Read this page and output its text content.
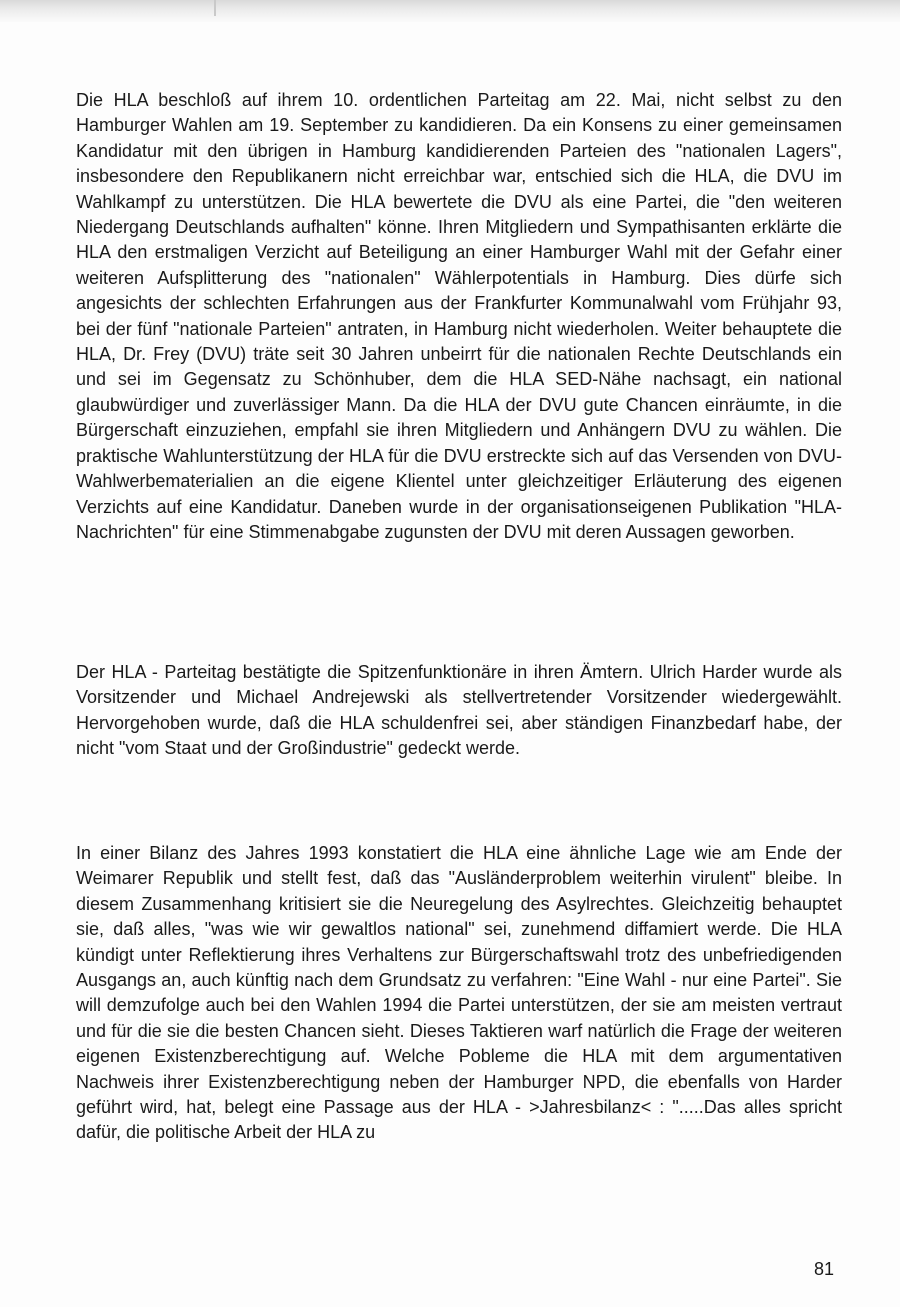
Die HLA beschloß auf ihrem 10. ordentlichen Parteitag am 22. Mai, nicht selbst zu den Hamburger Wahlen am 19. September zu kandidieren. Da ein Konsens zu einer gemeinsamen Kandidatur mit den übrigen in Hamburg kandidierenden Parteien des "nationalen Lagers", insbesondere den Republikanern nicht erreichbar war, entschied sich die HLA, die DVU im Wahlkampf zu unterstützen. Die HLA bewertete die DVU als eine Partei, die "den weiteren Niedergang Deutschlands aufhalten" könne. Ihren Mitgliedern und Sympathisanten erklärte die HLA den erstmaligen Verzicht auf Beteiligung an einer Hamburger Wahl mit der Gefahr einer weiteren Aufsplitterung des "nationalen" Wählerpotentials in Hamburg. Dies dürfe sich angesichts der schlechten Erfahrungen aus der Frankfurter Kommunalwahl vom Frühjahr 93, bei der fünf "nationale Parteien" antraten, in Hamburg nicht wiederholen. Weiter behauptete die HLA, Dr. Frey (DVU) träte seit 30 Jahren unbeirrt für die nationalen Rechte Deutschlands ein und sei im Gegensatz zu Schönhuber, dem die HLA SED-Nähe nachsagt, ein national glaubwürdiger und zuverlässiger Mann. Da die HLA der DVU gute Chancen einräumte, in die Bürgerschaft einzuziehen, empfahl sie ihren Mitgliedern und Anhängern DVU zu wählen. Die praktische Wahlunterstützung der HLA für die DVU erstreckte sich auf das Versenden von DVU-Wahlwerbematerialien an die eigene Klientel unter gleichzeitiger Erläuterung des eigenen Verzichts auf eine Kandidatur. Daneben wurde in der organisationseigenen Publikation "HLA- Nachrichten" für eine Stimmenabgabe zugunsten der DVU mit deren Aussagen geworben.

Der HLA - Parteitag bestätigte die Spitzenfunktionäre in ihren Ämtern. Ulrich Harder wurde als Vorsitzender und Michael Andrejewski als stellvertretender Vorsitzender wiedergewählt. Hervorgehoben wurde, daß die HLA schuldenfrei sei, aber ständigen Finanzbedarf habe, der nicht "vom Staat und der Großindustrie" gedeckt werde.

In einer Bilanz des Jahres 1993 konstatiert die HLA eine ähnliche Lage wie am Ende der Weimarer Republik und stellt fest, daß das "Ausländerproblem weiterhin virulent" bleibe. In diesem Zusammenhang kritisiert sie die Neuregelung des Asylrechtes. Gleichzeitig behauptet sie, daß alles, "was wie wir gewaltlos national" sei, zunehmend diffamiert werde. Die HLA kündigt unter Reflektierung ihres Verhaltens zur Bürgerschaftswahl trotz des unbefriedigenden Ausgangs an, auch künftig nach dem Grundsatz zu verfahren: "Eine Wahl - nur eine Partei". Sie will demzufolge auch bei den Wahlen 1994 die Partei unterstützen, der sie am meisten vertraut und für die sie die besten Chancen sieht. Dieses Taktieren warf natürlich die Frage der weiteren eigenen Existenzberechtigung auf. Welche Pobleme die HLA mit dem argumentativen Nachweis ihrer Existenzberechtigung neben der Hamburger NPD, die ebenfalls von Harder geführt wird, hat, belegt eine Passage aus der HLA - >Jahresbilanz< : ".....Das alles spricht dafür, die politische Arbeit der HLA zu

81
